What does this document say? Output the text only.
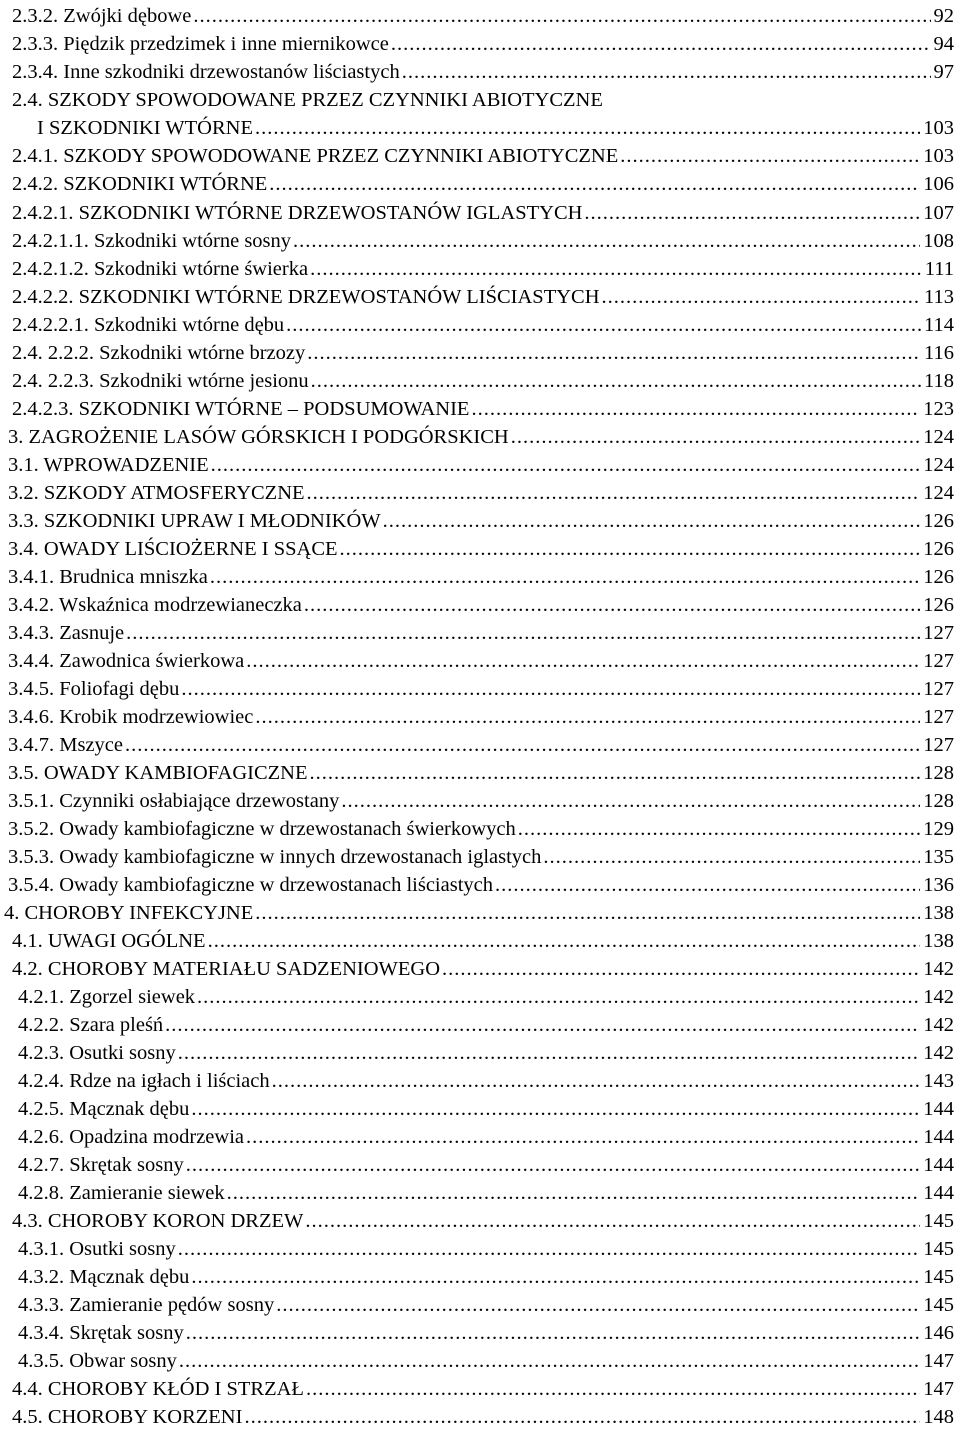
2.3.2. Zwójki dębowe .....	92
2.3.3. Piędzik przedzimek i inne miernikowce .....	94
2.3.4. Inne szkodniki drzewostanów liściastych .....	97
2.4. SZKODY SPOWODOWANE PRZEZ CZYNNIKI ABIOTYCZNE
I SZKODNIKI WTÓRNE .....	103
2.4.1. SZKODY SPOWODOWANE PRZEZ CZYNNIKI ABIOTYCZNE .....	103
2.4.2. SZKODNIKI WTÓRNE .....	106
2.4.2.1. SZKODNIKI WTÓRNE DRZEWOSTANÓW IGLASTYCH .....	107
2.4.2.1.1. Szkodniki wtórne sosny .....	108
2.4.2.1.2. Szkodniki wtórne świerka .....	111
2.4.2.2. SZKODNIKI WTÓRNE DRZEWOSTANÓW LIŚCIASTYCH .....	113
2.4.2.2.1. Szkodniki wtórne dębu .....	114
2.4. 2.2.2. Szkodniki wtórne brzozy .....	116
2.4. 2.2.3. Szkodniki wtórne jesionu .....	118
2.4.2.3. SZKODNIKI WTÓRNE – PODSUMOWANIE .....	123
3. ZAGROŻENIE LASÓW GÓRSKICH I PODGÓRSKICH .....	124
3.1. WPROWADZENIE .....	124
3.2. SZKODY ATMOSFERYCZNE .....	124
3.3. SZKODNIKI UPRAW I MŁODNIKÓW .....	126
3.4. OWADY LIŚCIOŻERNE I SSĄCE .....	126
3.4.1. Brudnica mniszka .....	126
3.4.2. Wskaźnica modrzewianeczka .....	126
3.4.3. Zasnuje .....	127
3.4.4. Zawodnica świerkowa .....	127
3.4.5. Foliofagi dębu .....	127
3.4.6. Krobik modrzewiowiec .....	127
3.4.7. Mszyce .....	127
3.5. OWADY KAMBIOFAGICZNE .....	128
3.5.1. Czynniki osłabiające drzewostany .....	128
3.5.2. Owady kambiofagiczne w drzewostanach świerkowych .....	129
3.5.3. Owady kambiofagiczne w innych drzewostanach iglastych .....	135
3.5.4. Owady kambiofagiczne w drzewostanach liściastych .....	136
4. CHOROBY INFEKCYJNE .....	138
4.1. UWAGI OGÓLNE .....	138
4.2. CHOROBY MATERIAŁU SADZENIOWEGO .....	142
4.2.1. Zgorzel siewek .....	142
4.2.2. Szara pleśń .....	142
4.2.3. Osutki sosny .....	142
4.2.4. Rdze na igłach i liściach .....	143
4.2.5. Mącznak dębu .....	144
4.2.6. Opadzina modrzewia .....	144
4.2.7. Skrętak sosny .....	144
4.2.8. Zamieranie siewek .....	144
4.3. CHOROBY KORON DRZEW .....	145
4.3.1. Osutki sosny .....	145
4.3.2. Mącznak dębu .....	145
4.3.3. Zamieranie pędów sosny .....	145
4.3.4. Skrętak sosny .....	146
4.3.5. Obwar sosny .....	147
4.4. CHOROBY KŁÓD I STRZAŁ .....	147
4.5. CHOROBY KORZENI .....	148
